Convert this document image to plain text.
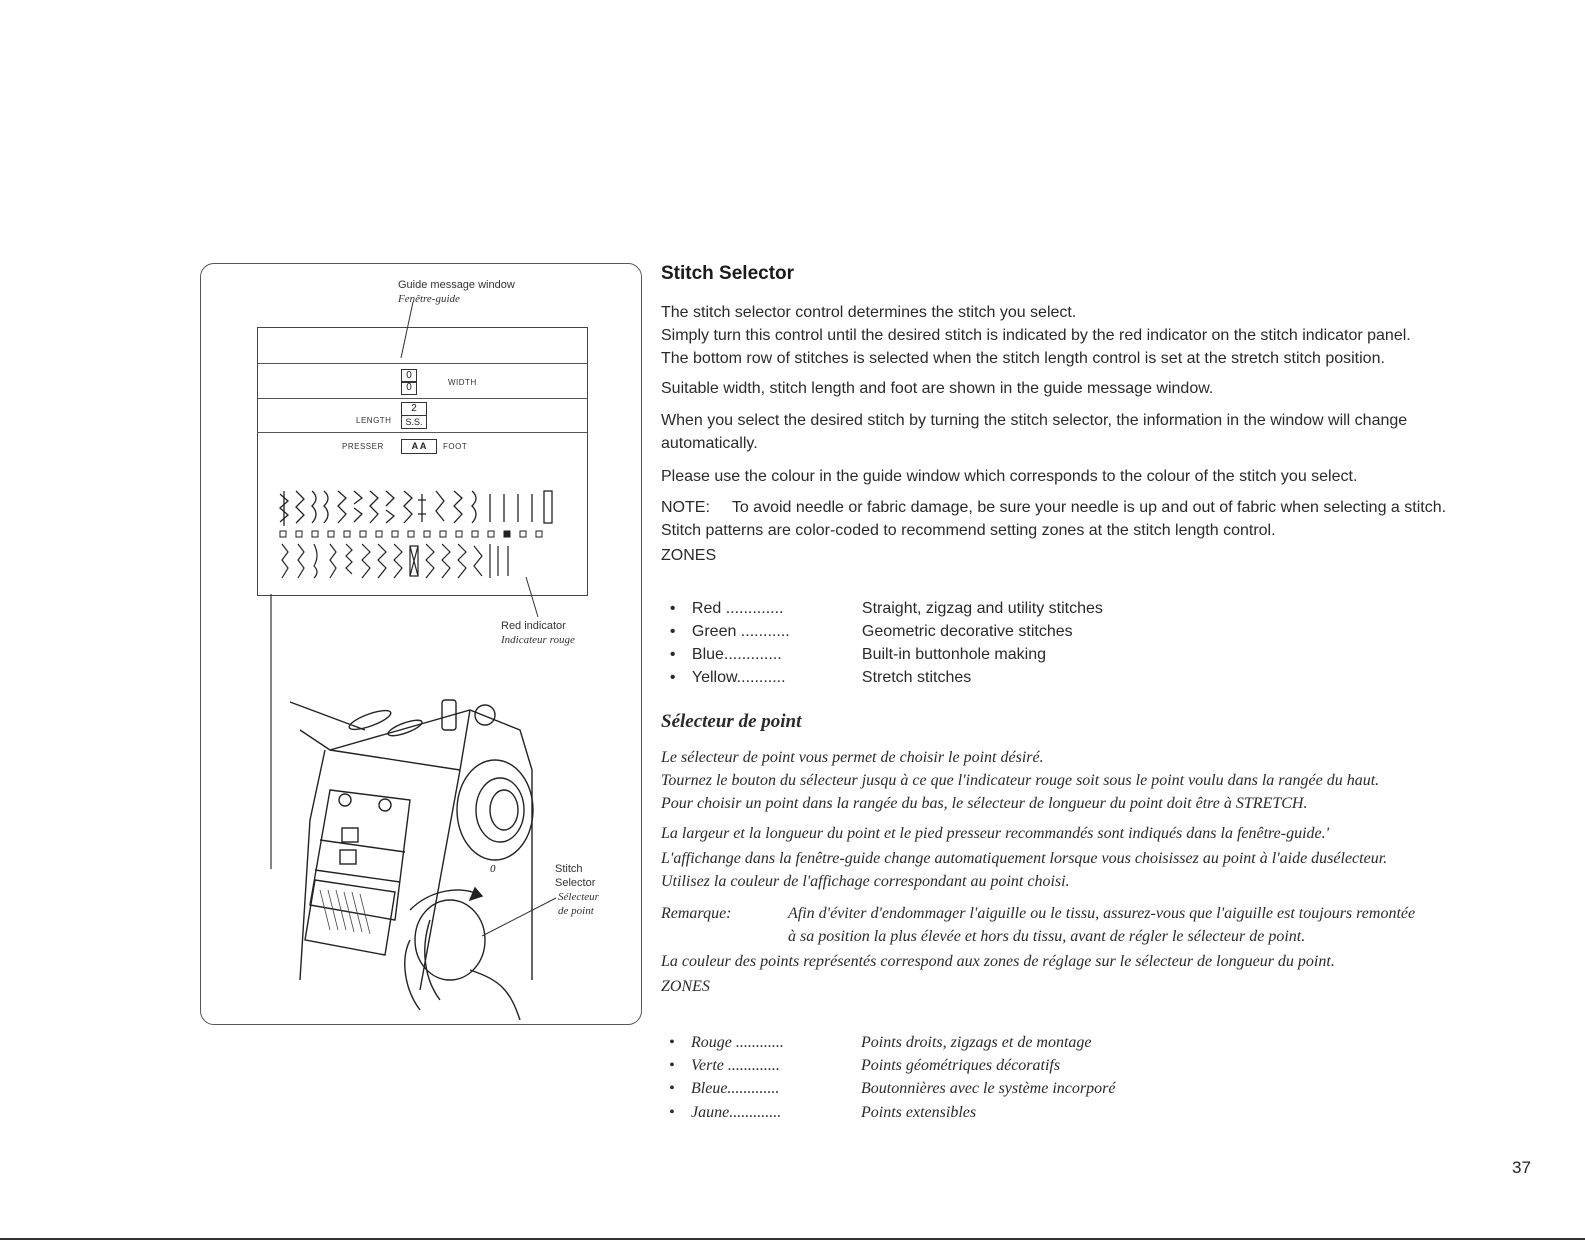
Guide message window
Fenêtre-guide
0
0	WIDTH
LENGTH
2
S.S.
PRESSER	A A	FOOT
Red indicator
Indicateur rouge
0	Stitch
Selector
Sélecteur
de point
Stitch Selector
The stitch selector control determines the stitch you select.
Simply turn this control until the desired stitch is indicated by the red indicator on the stitch indicator panel.
The bottom row of stitches is selected when the stitch length control is set at the stretch stitch position.
Suitable width, stitch length and foot are shown in the guide message window.
When you select the desired stitch by turning the stitch selector, the information in the window will change
automatically.
Please use the colour in the guide window which corresponds to the colour of the stitch you select.
NOTE:     To avoid needle or fabric damage, be sure your needle is up and out of fabric when selecting a stitch.
Stitch patterns are color-coded to recommend setting zones at the stitch length control.
ZONES

• Red .............	Straight, zigzag and utility stitches

• Green ...........	Geometric decorative stitches

• Blue.............	Built-in buttonhole making

• Yellow...........	Stretch stitches

Sélecteur de point
Le sélecteur de point vous permet de choisir le point désiré.
Tournez le bouton du sélecteur jusqu à ce que l'indicateur rouge soit sous le point voulu dans la rangée du haut.
Pour choisir un point dans la rangée du bas, le sélecteur de longueur du point doit être à STRETCH.
La largeur et la longueur du point et le pied presseur recommandés sont indiqués dans la fenêtre-guide.'
L'affichange dans la fenêtre-guide change automatiquement lorsque vous choisissez au point à l'aide dusélecteur.
Utilisez la couleur de l'affichage correspondant au point choisi.
Remarque:	Afin d'éviter d'endommager l'aiguille ou le tissu, assurez-vous que l'aiguille est toujours remontée
à sa position la plus élevée et hors du tissu, avant de régler le sélecteur de point.
La couleur des points représentés correspond aux zones de réglage sur le sélecteur de longueur du point.
ZONES

• Rouge ............	Points droits, zigzags et de montage

• Verte .............	Points géométriques décoratifs

• Bleue.............	Boutonnières avec le système incorporé

• Jaune.............	Points extensibles

37
